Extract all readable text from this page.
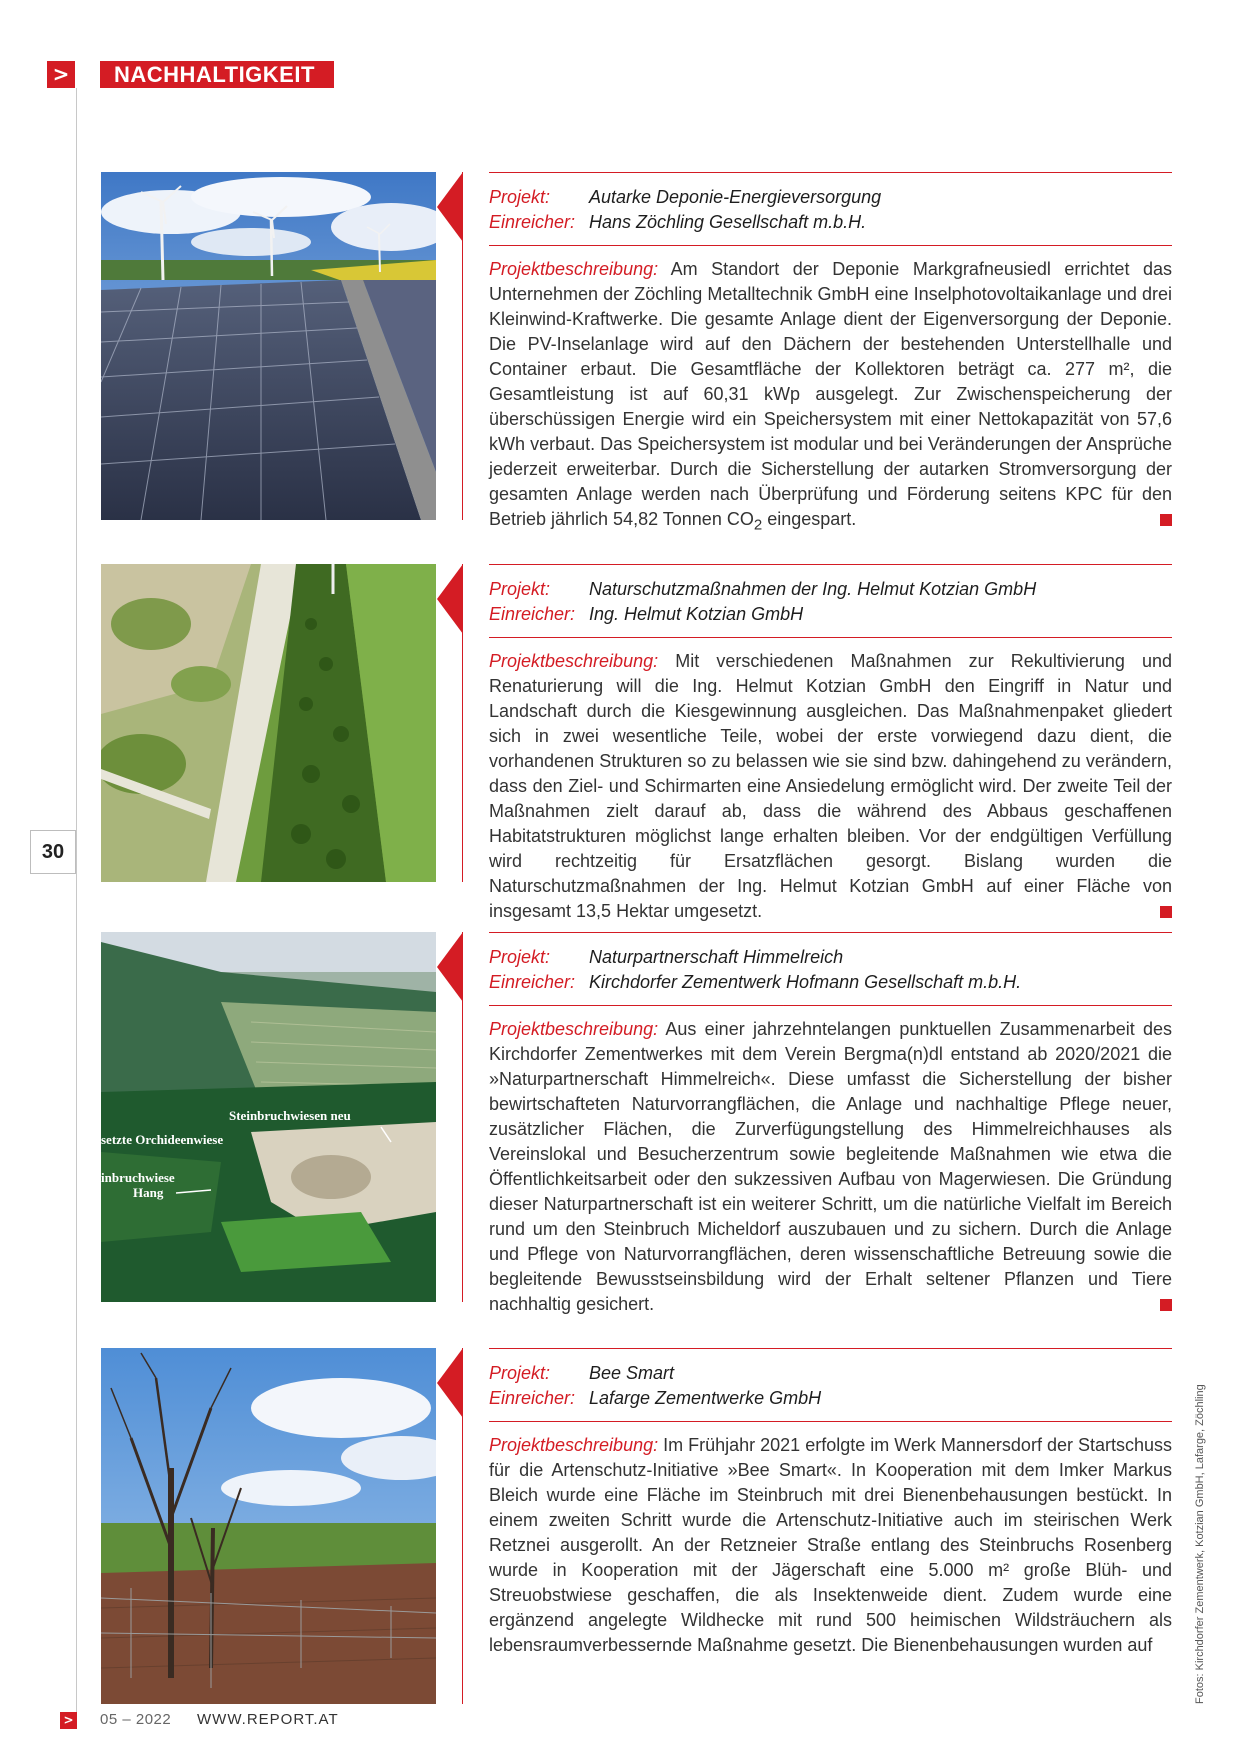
>	NACHHALTIGKEIT
30
Projekt:	Autarke Deponie-Energieversorgung
Einreicher: Hans Zöchling Gesellschaft m.b.H.

Projektbeschreibung: Am Standort der Deponie Markgrafneusiedl errichtet das Unternehmen der Zöchling Metalltechnik GmbH eine Inselphotovoltaikanlage und drei Kleinwind-Kraftwerke. Die gesamte Anlage dient der Eigenversorgung der Deponie. Die PV-Inselanlage wird auf den Dächern der bestehenden Unterstellhalle und Container erbaut. Die Gesamtfläche der Kollektoren beträgt ca. 277 m², die Gesamtleistung ist auf 60,31 kWp ausgelegt. Zur Zwischenspeicherung der überschüssigen Energie wird ein Speichersystem mit einer Nettokapazität von 57,6 kWh verbaut. Das Speichersystem ist modular und bei Veränderungen der Ansprüche jederzeit erweiterbar. Durch die Sicherstellung der autarken Stromversorgung der gesamten Anlage werden nach Überprüfung und Förderung seitens KPC für den Betrieb jährlich 54,82 Tonnen $CO_2$ eingespart.

Projekt:	Naturschutzmaßnahmen der Ing. Helmut Kotzian GmbH
Einreicher: Ing. Helmut Kotzian GmbH

Projektbeschreibung: Mit verschiedenen Maßnahmen zur Rekultivierung und Renaturierung will die Ing. Helmut Kotzian GmbH den Eingriff in Natur und Landschaft durch die Kiesgewinnung ausgleichen. Das Maßnahmenpaket gliedert sich in zwei wesentliche Teile, wobei der erste vorwiegend dazu dient, die vorhandenen Strukturen so zu belassen wie sie sind bzw. dahingehend zu verändern, dass den Ziel- und Schirmarten eine Ansiedelung ermöglicht wird. Der zweite Teil der Maßnahmen zielt darauf ab, dass die während des Abbaus geschaffenen Habitatstrukturen möglichst lange erhalten bleiben. Vor der endgültigen Verfüllung wird rechtzeitig für Ersatzflächen gesorgt. Bislang wurden die Naturschutzmaßnahmen der Ing. Helmut Kotzian GmbH auf einer Fläche von insgesamt 13,5 Hektar umgesetzt.

Steinbruchwiesen neu
setzte Orchideenwiese
inbruchwiese
Hang
Projekt:	Naturpartnerschaft Himmelreich
Einreicher: Kirchdorfer Zementwerk Hofmann Gesellschaft m.b.H.

Projektbeschreibung: Aus einer jahrzehntelangen punktuellen Zusammenarbeit des Kirchdorfer Zementwerkes mit dem Verein Bergma(n)dl entstand ab 2020/2021 die »Naturpartnerschaft Himmelreich«. Diese umfasst die Sicherstellung der bisher bewirtschafteten Naturvorrangflächen, die Anlage und nachhaltige Pflege neuer, zusätzlicher Flächen, die Zurverfügungstellung des Himmelreichhauses als Vereinslokal und Besucherzentrum sowie begleitende Maßnahmen wie etwa die Öffentlichkeitsarbeit oder den sukzessiven Aufbau von Magerwiesen. Die Gründung dieser Naturpartnerschaft ist ein weiterer Schritt, um die natürliche Vielfalt im Bereich rund um den Steinbruch Micheldorf auszubauen und zu sichern. Durch die Anlage und Pflege von Naturvorrangflächen, deren wissenschaftliche Betreuung sowie die begleitende Bewusstseinsbildung wird der Erhalt seltener Pflanzen und Tiere nachhaltig gesichert.

Projekt:	Bee Smart
Einreicher: Lafarge Zementwerke GmbH

Projektbeschreibung: Im Frühjahr 2021 erfolgte im Werk Mannersdorf der Startschuss für die Artenschutz-Initiative »Bee Smart«. In Kooperation mit dem Imker Markus Bleich wurde eine Fläche im Steinbruch mit drei Bienenbehausungen bestückt. In einem zweiten Schritt wurde die Artenschutz-Initiative auch im steirischen Werk Retznei ausgerollt. An der Retzneier Straße entlang des Steinbruchs Rosenberg wurde in Kooperation mit der Jägerschaft eine 5.000 m² große Blüh- und Streuobstwiese geschaffen, die als Insektenweide dient. Zudem wurde eine ergänzend angelegte Wildhecke mit rund 500 heimischen Wildsträuchern als lebensraumverbessernde Maßnahme gesetzt. Die Bienenbehausungen wurden auf	Fotos: Kirchdorfer Zementwerk, Kotzian GmbH, Lafarge, Zöchling
> 05 – 2022 WWW.REPORT.AT
